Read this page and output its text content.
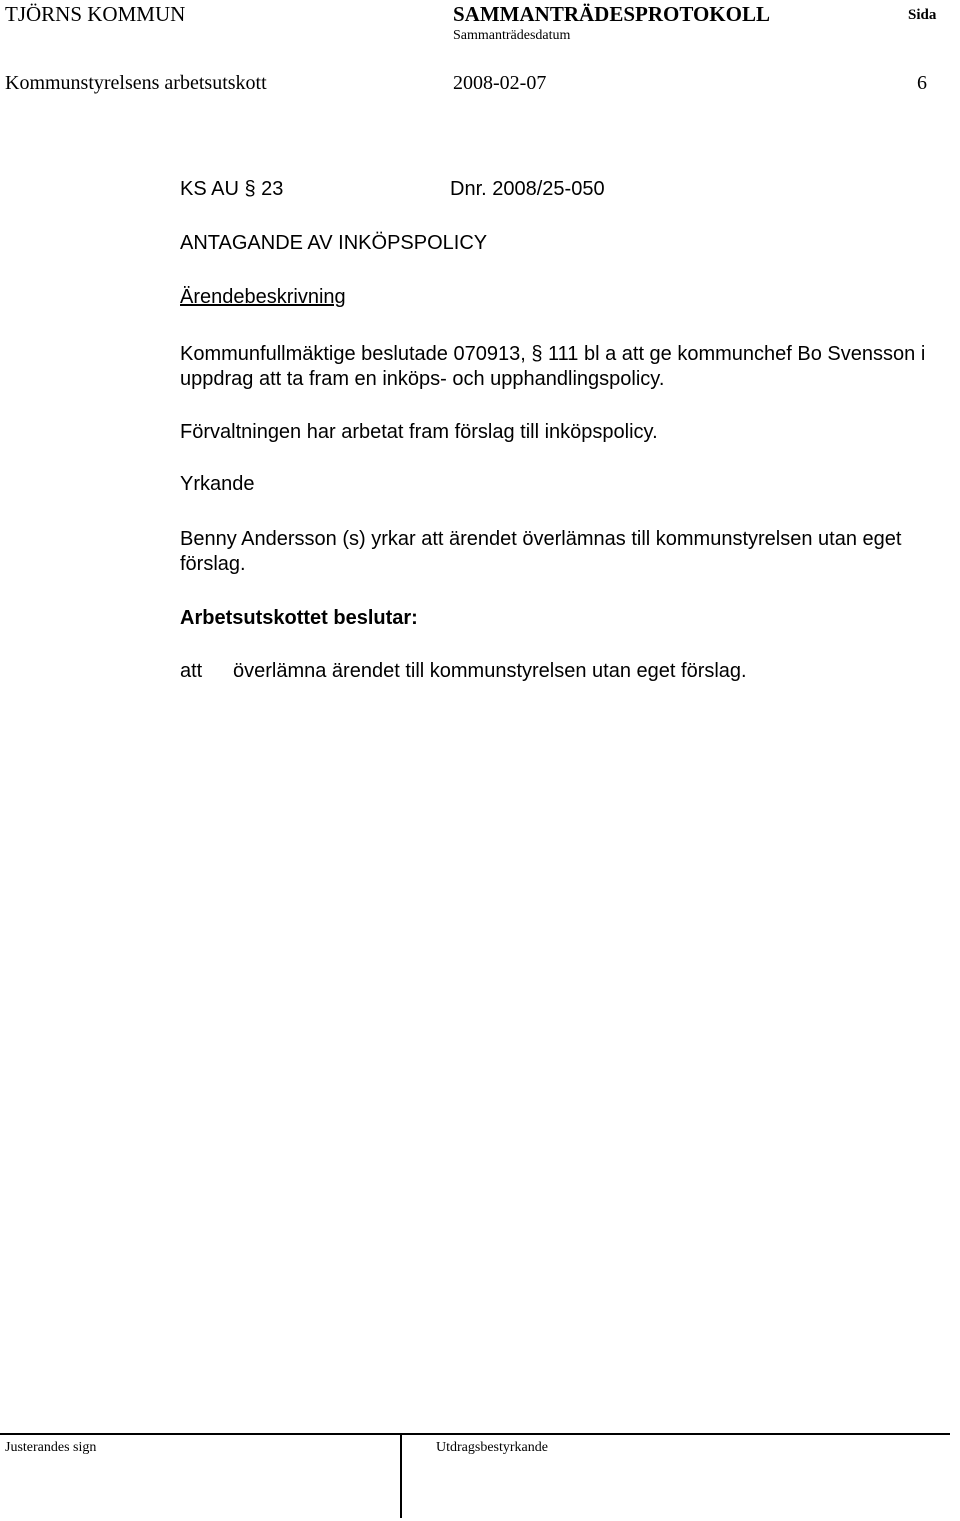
TJÖRNS KOMMUN	SAMMANTRÄDESPROTOKOLL	Sida
Sammanträdesdatum
Kommunstyrelsens arbetsutskott	2008-02-07	6
KS AU § 23	Dnr. 2008/25-050
ANTAGANDE AV INKÖPSPOLICY
Ärendebeskrivning
Kommunfullmäktige beslutade 070913, § 111 bl a att ge kommunchef Bo Svensson i uppdrag att ta fram en inköps- och upphandlingspolicy.
Förvaltningen har arbetat fram förslag till inköpspolicy.
Yrkande
Benny Andersson (s) yrkar att ärendet överlämnas till kommunstyrelsen utan eget förslag.
Arbetsutskottet beslutar:
att överlämna ärendet till kommunstyrelsen utan eget förslag.
Justerandes sign	Utdragsbestyrkande
